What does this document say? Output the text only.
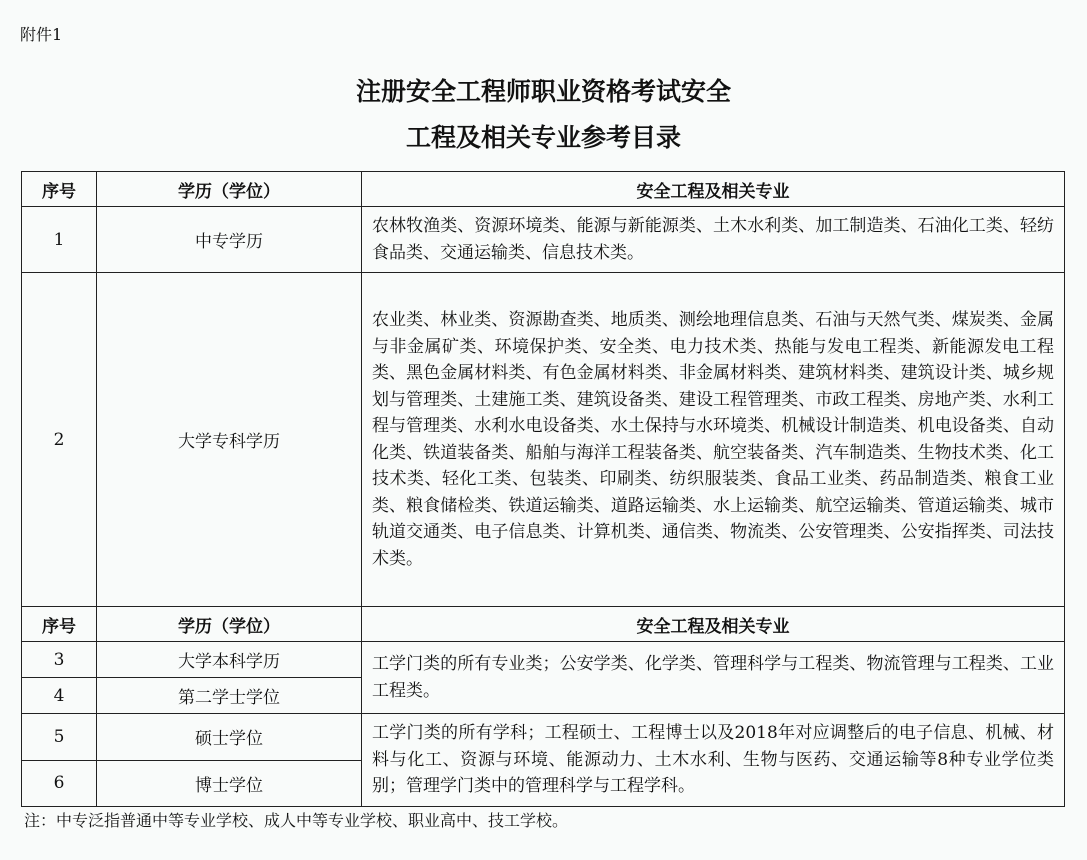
附件1
注册安全工程师职业资格考试安全
工程及相关专业参考目录
序号	学历（学位）	安全工程及相关专业
1	中专学历	农林牧渔类、资源环境类、能源与新能源类、土木水利类、加工制造类、石油化工类、轻纺食品类、交通运输类、信息技术类。
2	大学专科学历	农业类、林业类、资源勘查类、地质类、测绘地理信息类、石油与天然气类、煤炭类、金属与非金属矿类、环境保护类、安全类、电力技术类、热能与发电工程类、新能源发电工程类、黑色金属材料类、有色金属材料类、非金属材料类、建筑材料类、建筑设计类、城乡规划与管理类、土建施工类、建筑设备类、建设工程管理类、市政工程类、房地产类、水利工程与管理类、水利水电设备类、水土保持与水环境类、机械设计制造类、机电设备类、自动化类、铁道装备类、船舶与海洋工程装备类、航空装备类、汽车制造类、生物技术类、化工技术类、轻化工类、包装类、印刷类、纺织服装类、食品工业类、药品制造类、粮食工业类、粮食储检类、铁道运输类、道路运输类、水上运输类、航空运输类、管道运输类、城市轨道交通类、电子信息类、计算机类、通信类、物流类、公安管理类、公安指挥类、司法技术类。
序号	学历（学位）	安全工程及相关专业
3	大学本科学历	工学门类的所有专业类；公安学类、化学类、管理科学与工程类、物流管理与工程类、工业工程类。
4	第二学士学位	
5	硕士学位	工学门类的所有学科；工程硕士、工程博士以及2018年对应调整后的电子信息、机械、材料与化工、资源与环境、能源动力、土木水利、生物与医药、交通运输等8种专业学位类别；管理学门类中的管理科学与工程学科。
6	博士学位	
注：中专泛指普通中等专业学校、成人中等专业学校、职业高中、技工学校。
